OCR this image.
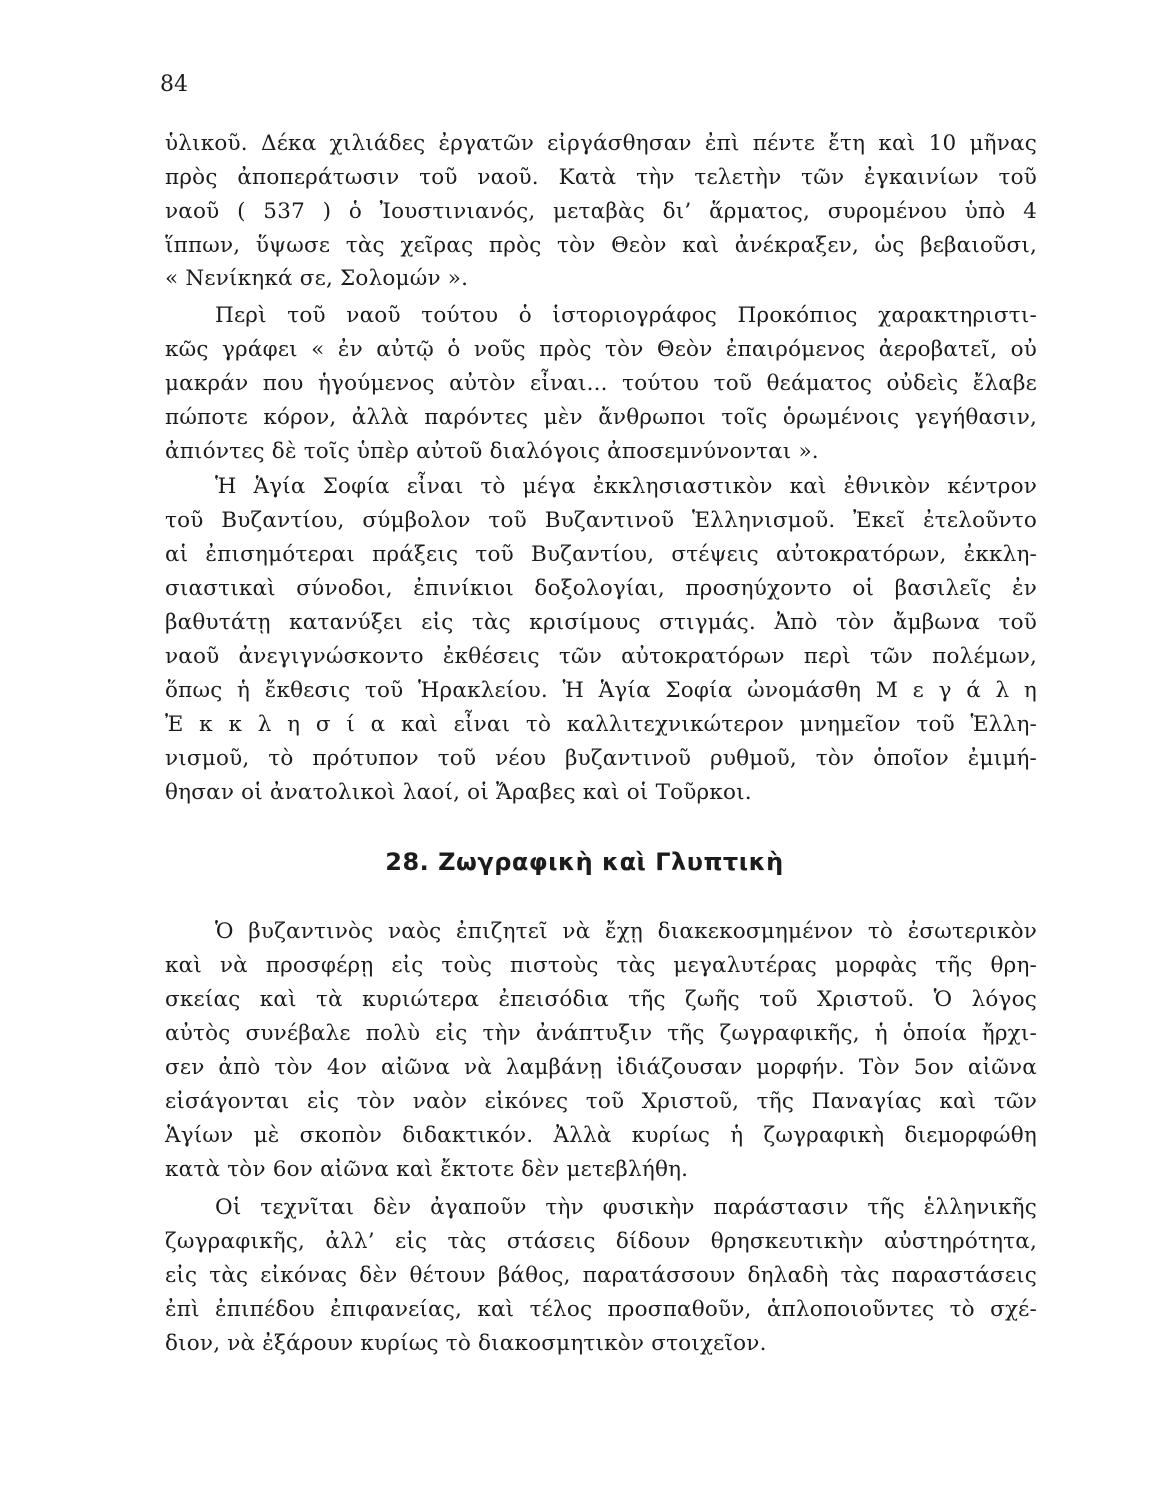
84
ὑλικοῦ. Δέκα χιλιάδες ἐργατῶν εἰργάσθησαν ἐπὶ πέντε ἔτη καὶ 10 μῆνας
πρὸς ἀποπεράτωσιν τοῦ ναοῦ. Κατὰ τὴν τελετὴν τῶν ἐγκαινίων τοῦ
ναοῦ ( 537 ) ὁ Ἰουστινιανός, μεταβὰς δι’ ἅρματος, συρομένου ὑπὸ 4
ἵππων, ὕψωσε τὰς χεῖρας πρὸς τὸν Θεὸν καὶ ἀνέκραξεν, ὡς βεβαιοῦσι,
« Νενίκηκά σε, Σολομών ».
Περὶ τοῦ ναοῦ τούτου ὁ ἱστοριογράφος Προκόπιος χαρακτηριστι-
κῶς γράφει « ἐν αὐτῷ ὁ νοῦς πρὸς τὸν Θεὸν ἐπαιρόμενος ἀεροβατεῖ, οὐ
μακράν που ἡγούμενος αὐτὸν εἶναι... τούτου τοῦ θεάματος οὐδεὶς ἔλαβε
πώποτε κόρον, ἀλλὰ παρόντες μὲν ἄνθρωποι τοῖς ὁρωμένοις γεγήθασιν,
ἀπιόντες δὲ τοῖς ὑπὲρ αὐτοῦ διαλόγοις ἀποσεμνύνονται ».
Ἡ Ἁγία Σοφία εἶναι τὸ μέγα ἐκκλησιαστικὸν καὶ ἐθνικὸν κέντρον
τοῦ Βυζαντίου, σύμβολον τοῦ Βυζαντινοῦ Ἑλληνισμοῦ. Ἐκεῖ ἐτελοῦντο
αἱ ἐπισημότεραι πράξεις τοῦ Βυζαντίου, στέψεις αὐτοκρατόρων, ἐκκλη-
σιαστικαὶ σύνοδοι, ἐπινίκιοι δοξολογίαι, προσηύχοντο οἱ βασιλεῖς ἐν
βαθυτάτῃ κατανύξει εἰς τὰς κρισίμους στιγμάς. Ἀπὸ τὸν ἄμβωνα τοῦ
ναοῦ ἀνεγιγνώσκοντο ἐκθέσεις τῶν αὐτοκρατόρων περὶ τῶν πολέμων,
ὅπως ἡ ἔκθεσις τοῦ Ἡρακλείου. Ἡ Ἁγία Σοφία ὠνομάσθη Μ ε γ ά λ η
Ἐ κ κ λ η σ ί α καὶ εἶναι τὸ καλλιτεχνικώτερον μνημεῖον τοῦ Ἑλλη-
νισμοῦ, τὸ πρότυπον τοῦ νέου βυζαντινοῦ ρυθμοῦ, τὸν ὁποῖον ἐμιμή-
θησαν οἱ ἀνατολικοὶ λαοί, οἱ Ἄραβες καὶ οἱ Τοῦρκοι.
28. Ζωγραφικὴ καὶ Γλυπτικὴ
Ὁ βυζαντινὸς ναὸς ἐπιζητεῖ νὰ ἔχῃ διακεκοσμημένον τὸ ἐσωτερικὸν
καὶ νὰ προσφέρῃ εἰς τοὺς πιστοὺς τὰς μεγαλυτέρας μορφὰς τῆς θρη-
σκείας καὶ τὰ κυριώτερα ἐπεισόδια τῆς ζωῆς τοῦ Χριστοῦ. Ὁ λόγος
αὐτὸς συνέβαλε πολὺ εἰς τὴν ἀνάπτυξιν τῆς ζωγραφικῆς, ἡ ὁποία ἤρχι-
σεν ἀπὸ τὸν 4ον αἰῶνα νὰ λαμβάνῃ ἰδιάζουσαν μορφήν. Τὸν 5ον αἰῶνα
εἰσάγονται εἰς τὸν ναὸν εἰκόνες τοῦ Χριστοῦ, τῆς Παναγίας καὶ τῶν
Ἁγίων μὲ σκοπὸν διδακτικόν. Ἀλλὰ κυρίως ἡ ζωγραφικὴ διεμορφώθη
κατὰ τὸν 6ον αἰῶνα καὶ ἔκτοτε δὲν μετεβλήθη.
Οἱ τεχνῖται δὲν ἀγαποῦν τὴν φυσικὴν παράστασιν τῆς ἑλληνικῆς
ζωγραφικῆς, ἀλλ’ εἰς τὰς στάσεις δίδουν θρησκευτικὴν αὐστηρότητα,
εἰς τὰς εἰκόνας δὲν θέτουν βάθος, παρατάσσουν δηλαδὴ τὰς παραστάσεις
ἐπὶ ἐπιπέδου ἐπιφανείας, καὶ τέλος προσπαθοῦν, ἁπλοποιοῦντες τὸ σχέ-
διον, νὰ ἐξάρουν κυρίως τὸ διακοσμητικὸν στοιχεῖον.
